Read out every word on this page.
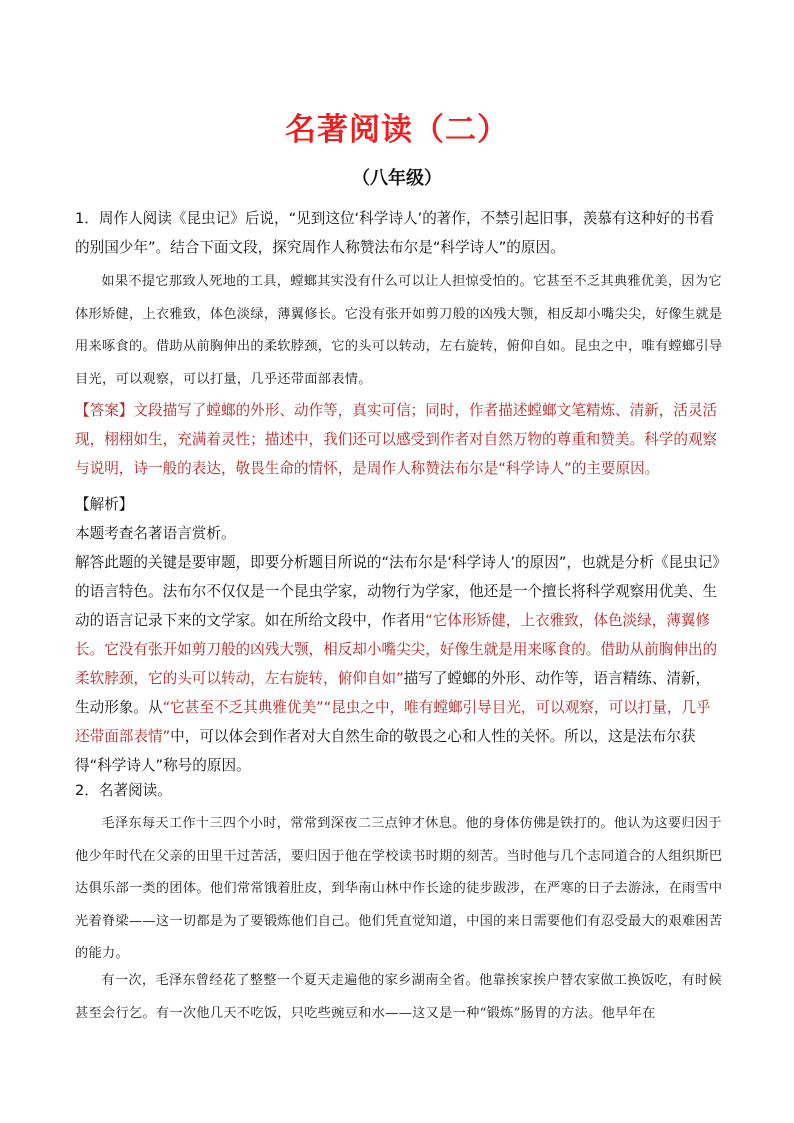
名著阅读（二）
（八年级）

1．周作人阅读《昆虫记》后说，“见到这位‘科学诗人’的著作，不禁引起旧事，羡慕有这种好的书看的别国少年”。结合下面文段，探究周作人称赞法布尔是“科学诗人”的原因。

如果不提它那致人死地的工具，螳螂其实没有什么可以让人担惊受怕的。它甚至不乏其典雅优美，因为它体形矫健，上衣雅致，体色淡绿，薄翼修长。它没有张开如剪刀般的凶残大颚，相反却小嘴尖尖，好像生就是用来啄食的。借助从前胸伸出的柔软脖颈，它的头可以转动，左右旋转，俯仰自如。昆虫之中，唯有螳螂引导目光，可以观察，可以打量，几乎还带面部表情。

【答案】文段描写了螳螂的外形、动作等，真实可信；同时，作者描述螳螂文笔精炼、清新，活灵活现，栩栩如生，充满着灵性；描述中，我们还可以感受到作者对自然万物的尊重和赞美。科学的观察与说明，诗一般的表达，敬畏生命的情怀，是周作人称赞法布尔是“科学诗人”的主要原因。

【解析】

本题考查名著语言赏析。

解答此题的关键是要审题，即要分析题目所说的“法布尔是‘科学诗人’的原因”，也就是分析《昆虫记》的语言特色。法布尔不仅仅是一个昆虫学家，动物行为学家，他还是一个擅长将科学观察用优美、生动的语言记录下来的文学家。如在所给文段中，作者用“它体形矫健，上衣雅致，体色淡绿，薄翼修长。它没有张开如剪刀般的凶残大颚，相反却小嘴尖尖，好像生就是用来啄食的。借助从前胸伸出的柔软脖颈，它的头可以转动，左右旋转，俯仰自如”描写了螳螂的外形、动作等，语言精练、清新，生动形象。从“它甚至不乏其典雅优美”“昆虫之中，唯有螳螂引导目光，可以观察，可以打量，几乎还带面部表情”中，可以体会到作者对大自然生命的敬畏之心和人性的关怀。所以，这是法布尔获得“科学诗人”称号的原因。

2．名著阅读。

毛泽东每天工作十三四个小时，常常到深夜二三点钟才休息。他的身体仿佛是铁打的。他认为这要归因于他少年时代在父亲的田里干过苦活，要归因于他在学校读书时期的刻苦。当时他与几个志同道合的人组织斯巴达俱乐部一类的团体。他们常常饿着肚皮，到华南山林中作长途的徒步跋涉，在严寒的日子去游泳，在雨雪中光着脊梁——这一切都是为了要锻炼他们自己。他们凭直觉知道，中国的来日需要他们有忍受最大的艰难困苦的能力。

有一次，毛泽东曾经花了整整一个夏天走遍他的家乡湖南全省。他靠挨家挨户替农家做工换饭吃，有时候甚至会行乞。有一次他几天不吃饭，只吃些豌豆和水——这又是一种“锻炼”肠胃的方法。他早年在
